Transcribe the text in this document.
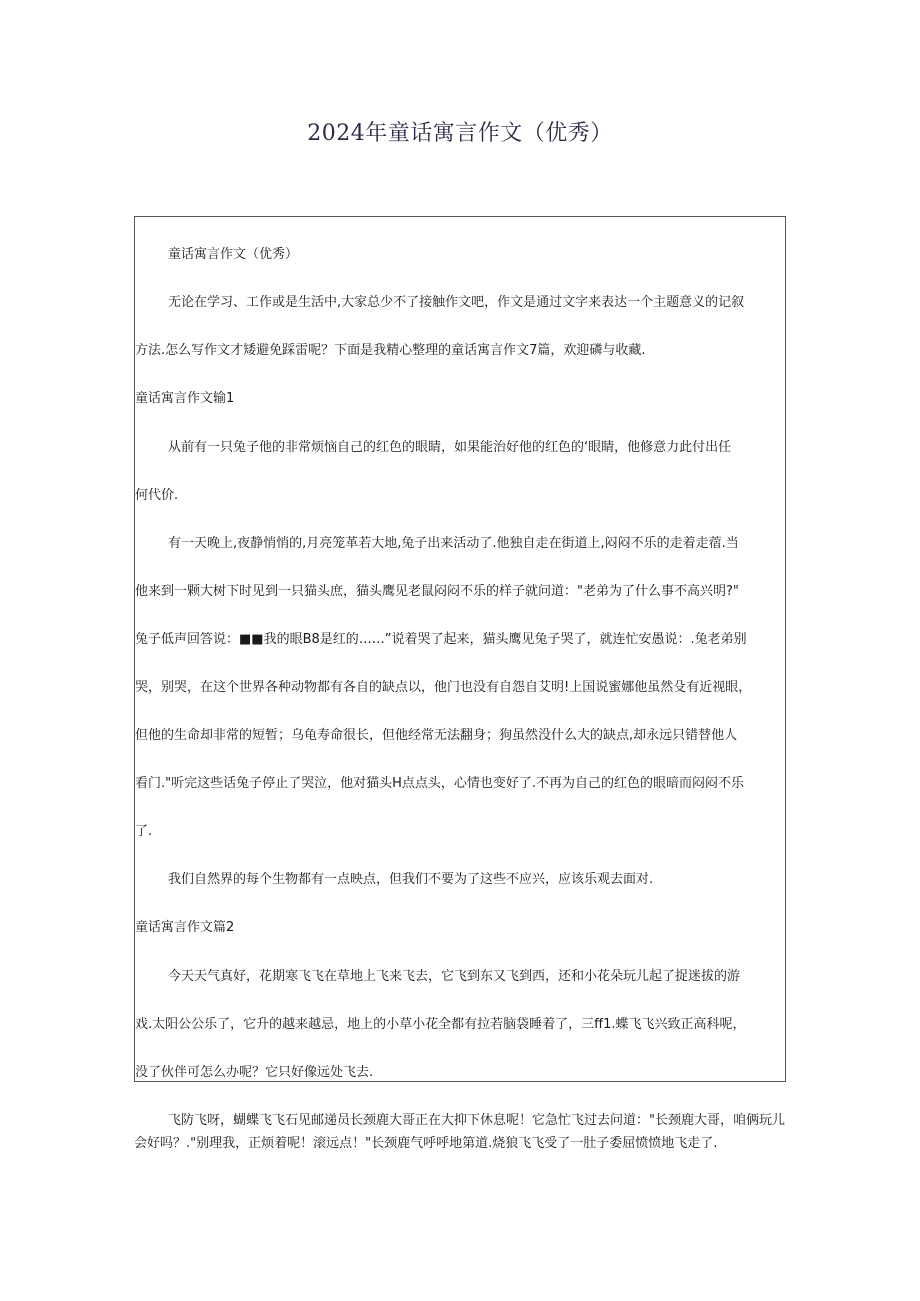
2024年童话寓言作文（优秀）
童话寓言作文（优秀）
无论在学习、工作或是生活中,大家总少不了接触作文吧，作文是通过文字来表达一个主题意义的记叙
方法.怎么写作文才矮避免踩雷呢？下面是我精心整理的童话寓言作文7篇，欢迎磷与收藏.
童话寓言作文输1
从前有一只兔子他的非常烦恼自己的红色的眼睛，如果能治好他的红色的‘眼睛，他修意力此付出任
何代价.
有一天晚上,夜静悄悄的,月亮笼革若大地,兔子出来活动了.他独自走在街道上,闷闷不乐的走着走蓿.当
他来到一颗大树下时见到一只猫头庶，猫头鹰见老鼠闷闷不乐的样子就问道："老弟为了什么事不高兴明?"
兔子低声回答说：■■我的眼B8是红的……”说着哭了起来，猫头鹰见兔子哭了，就连忙安愚说：.兔老弟别
哭，别哭，在这个世界各种动物都有各自的缺点以，他门也没有自怨自艾明!上国说蜜娜他虽然殳有近视眼，
但他的生命却非常的短暂；乌龟寿命很长，但他经常无法翻身；狗虽然没什么大的缺点,却永远只错替他人
看门."听完这些话兔子停止了哭泣，他对猫头H点点头，心情也变好了.不再为自己的红色的眼暗而闷闷不乐
了.
我们自然界的每个生物都有一点映点，但我们不要为了这些不应兴，应该乐观去面对.
童话寓言作文篇2
今天天气真好，花期寒飞飞在草地上飞来飞去，它飞到东又飞到西，还和小花朵玩儿起了捉迷拔的游
戏.太阳公公乐了，它升的越来越忌，地上的小草小花全都有拉若脑袋睡着了，三ff1.蝶飞飞兴致正高科呢，
没了伙伴可怎么办呢？它只好像远处飞去.
飞防飞呀，蝴蝶飞飞石见邮递员长颈鹿大哥正在大抑下休息呢！它急忙飞过去问道："长颈鹿大哥，咱俩玩儿会好吗？."别理我，正烦着呢！滚远点！"长颈鹿气呼呼地第道.烧狼飞飞受了一肚子委屈愤愤地飞走了.
